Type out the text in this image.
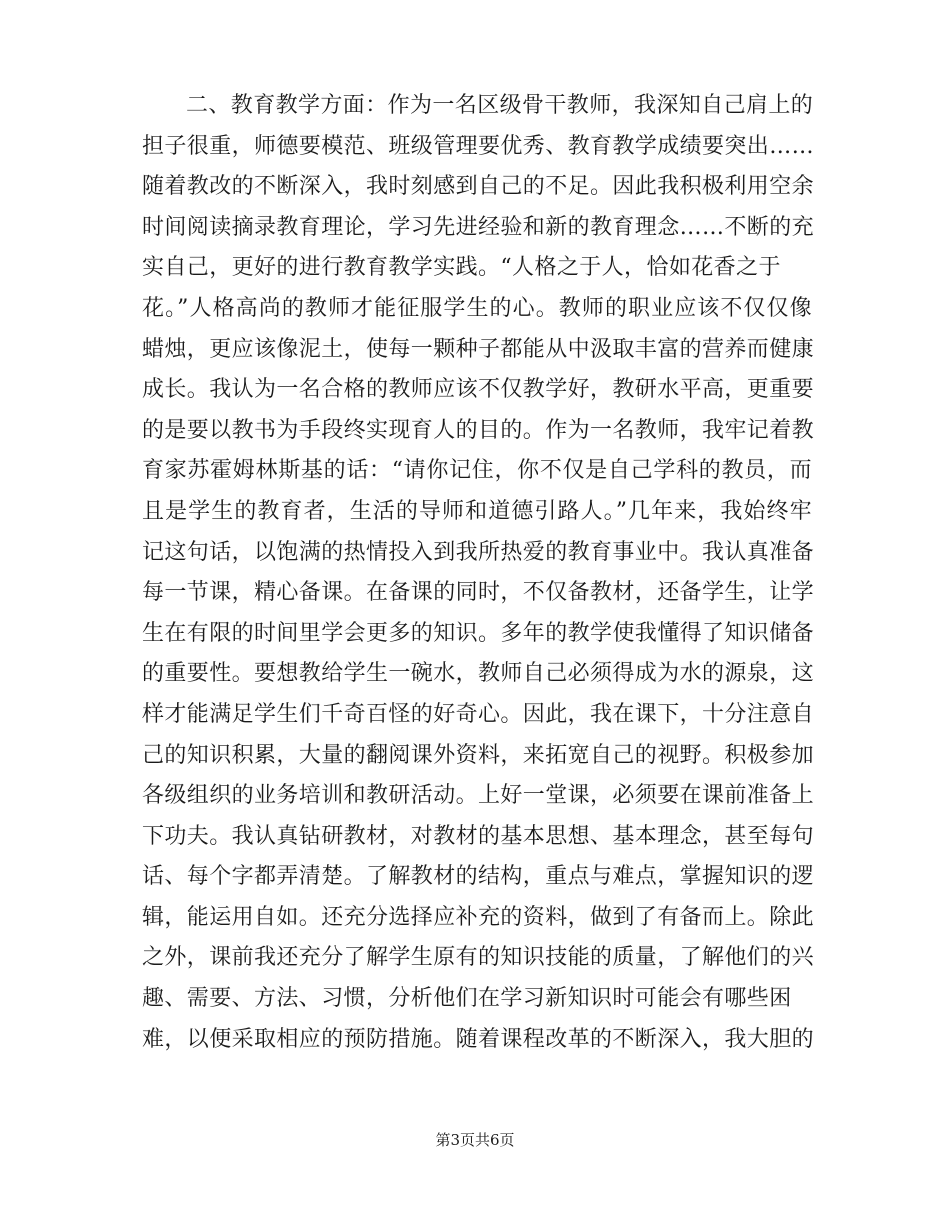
二、教育教学方面：作为一名区级骨干教师，我深知自己肩上的
担子很重，师德要模范、班级管理要优秀、教育教学成绩要突出……
随着教改的不断深入，我时刻感到自己的不足。因此我积极利用空余
时间阅读摘录教育理论，学习先进经验和新的教育理念……不断的充
实自己，更好的进行教育教学实践。“人格之于人，恰如花香之于
花。”人格高尚的教师才能征服学生的心。教师的职业应该不仅仅像
蜡烛，更应该像泥土，使每一颗种子都能从中汲取丰富的营养而健康
成长。我认为一名合格的教师应该不仅教学好，教研水平高，更重要
的是要以教书为手段终实现育人的目的。作为一名教师，我牢记着教
育家苏霍姆林斯基的话：“请你记住，你不仅是自己学科的教员，而
且是学生的教育者，生活的导师和道德引路人。”几年来，我始终牢
记这句话，以饱满的热情投入到我所热爱的教育事业中。我认真准备
每一节课，精心备课。在备课的同时，不仅备教材，还备学生，让学
生在有限的时间里学会更多的知识。多年的教学使我懂得了知识储备
的重要性。要想教给学生一碗水，教师自己必须得成为水的源泉，这
样才能满足学生们千奇百怪的好奇心。因此，我在课下，十分注意自
己的知识积累，大量的翻阅课外资料，来拓宽自己的视野。积极参加
各级组织的业务培训和教研活动。上好一堂课，必须要在课前准备上
下功夫。我认真钻研教材，对教材的基本思想、基本理念，甚至每句
话、每个字都弄清楚。了解教材的结构，重点与难点，掌握知识的逻
辑，能运用自如。还充分选择应补充的资料，做到了有备而上。除此
之外，课前我还充分了解学生原有的知识技能的质量，了解他们的兴
趣、需要、方法、习惯，分析他们在学习新知识时可能会有哪些困
难，以便采取相应的预防措施。随着课程改革的不断深入，我大胆的
第3页共6页
